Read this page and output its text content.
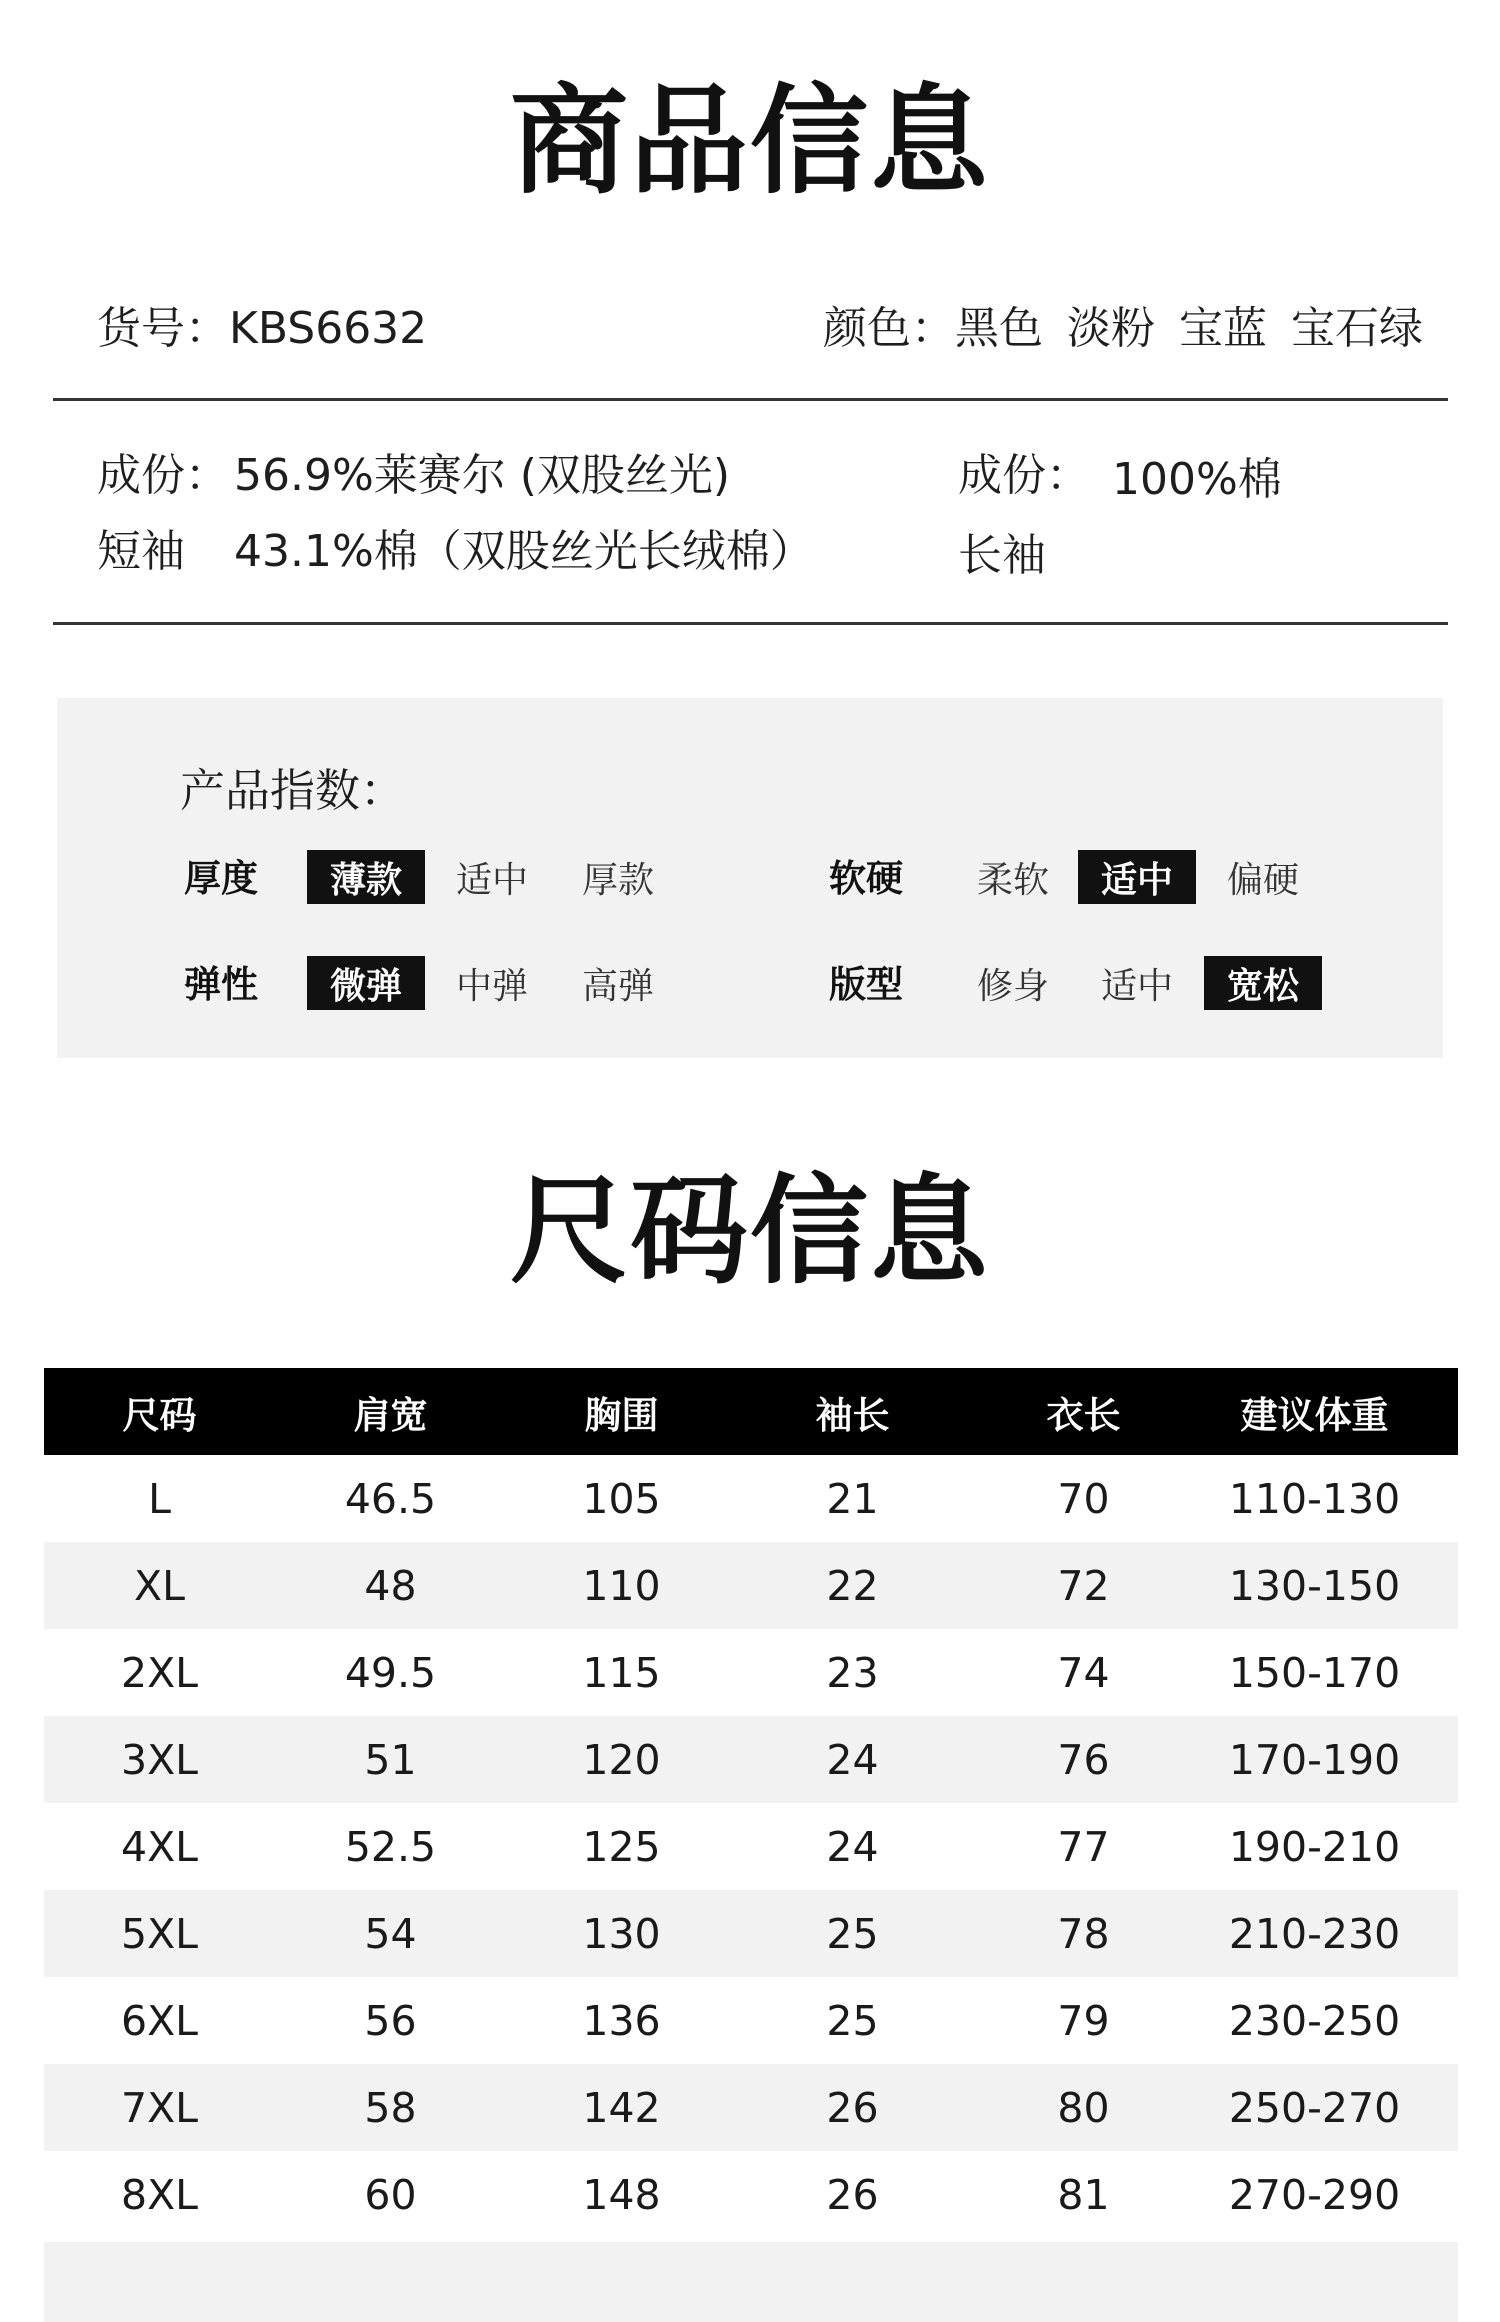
商品信息
货号：KBS6632	颜色：黑色 淡粉 宝蓝 宝石绿
成份： 56.9%莱赛尔 (双股丝光)
短袖 43.1%棉（双股丝光长绒棉）
成份： 100%棉
长袖
产品指数：
厚度	薄款	适中	厚款	软硬	柔软	适中	偏硬
弹性	微弹	中弹	高弹	版型	修身	适中	宽松
尺码信息
尺码	肩宽	胸围	袖长	衣长	建议体重
L	46.5	105	21	70	110-130
XL	48	110	22	72	130-150
2XL	49.5	115	23	74	150-170
3XL	51	120	24	76	170-190
4XL	52.5	125	24	77	190-210
5XL	54	130	25	78	210-230
6XL	56	136	25	79	230-250
7XL	58	142	26	80	250-270
8XL	60	148	26	81	270-290
